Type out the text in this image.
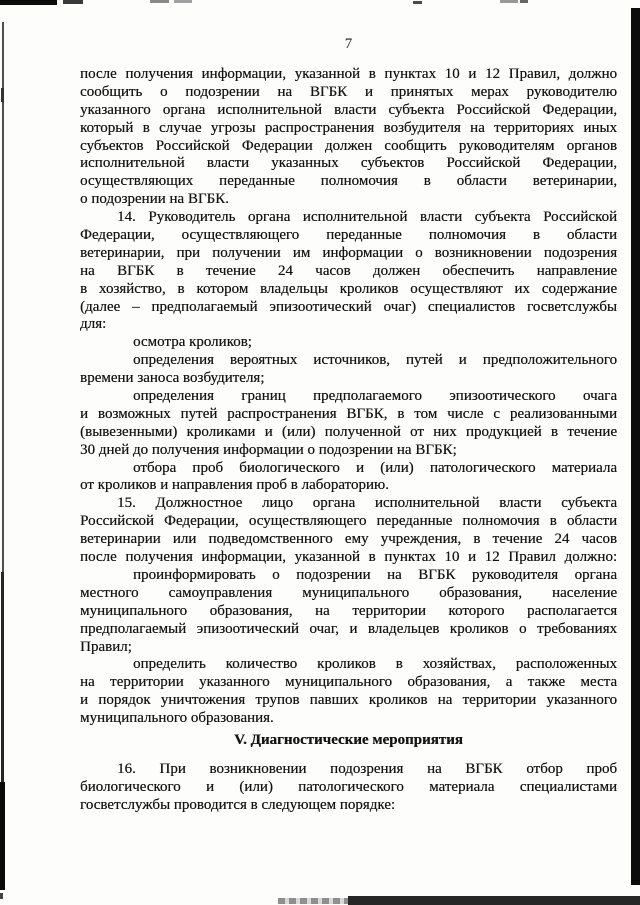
7
после получения информации, указанной в пунктах 10 и 12 Правил, должно
сообщить о подозрении на ВГБК и принятых мерах руководителю
указанного органа исполнительной власти субъекта Российской Федерации,
который в случае угрозы распространения возбудителя на территориях иных
субъектов Российской Федерации должен сообщить руководителям органов
исполнительной власти указанных субъектов Российской Федерации,
осуществляющих переданные полномочия в области ветеринарии,
о подозрении на ВГБК.
14. Руководитель органа исполнительной власти субъекта Российской
Федерации, осуществляющего переданные полномочия в области
ветеринарии, при получении им информации о возникновении подозрения
на ВГБК в течение 24 часов должен обеспечить направление
в хозяйство, в котором владельцы кроликов осуществляют их содержание
(далее – предполагаемый эпизоотический очаг) специалистов госветслужбы
для:
осмотра кроликов;
определения вероятных источников, путей и предположительного
времени заноса возбудителя;
определения границ предполагаемого эпизоотического очага
и возможных путей распространения ВГБК, в том числе с реализованными
(вывезенными) кроликами и (или) полученной от них продукцией в течение
30 дней до получения информации о подозрении на ВГБК;
отбора проб биологического и (или) патологического материала
от кроликов и направления проб в лабораторию.
15. Должностное лицо органа исполнительной власти субъекта
Российской Федерации, осуществляющего переданные полномочия в области
ветеринарии или подведомственного ему учреждения, в течение 24 часов
после получения информации, указанной в пунктах 10 и 12 Правил должно:
проинформировать о подозрении на ВГБК руководителя органа
местного самоуправления муниципального образования, население
муниципального образования, на территории которого располагается
предполагаемый эпизоотический очаг, и владельцев кроликов о требованиях
Правил;
определить количество кроликов в хозяйствах, расположенных
на территории указанного муниципального образования, а также места
и порядок уничтожения трупов павших кроликов на территории указанного
муниципального образования.
V. Диагностические мероприятия
16. При возникновении подозрения на ВГБК отбор проб
биологического и (или) патологического материала специалистами
госветслужбы проводится в следующем порядке:
